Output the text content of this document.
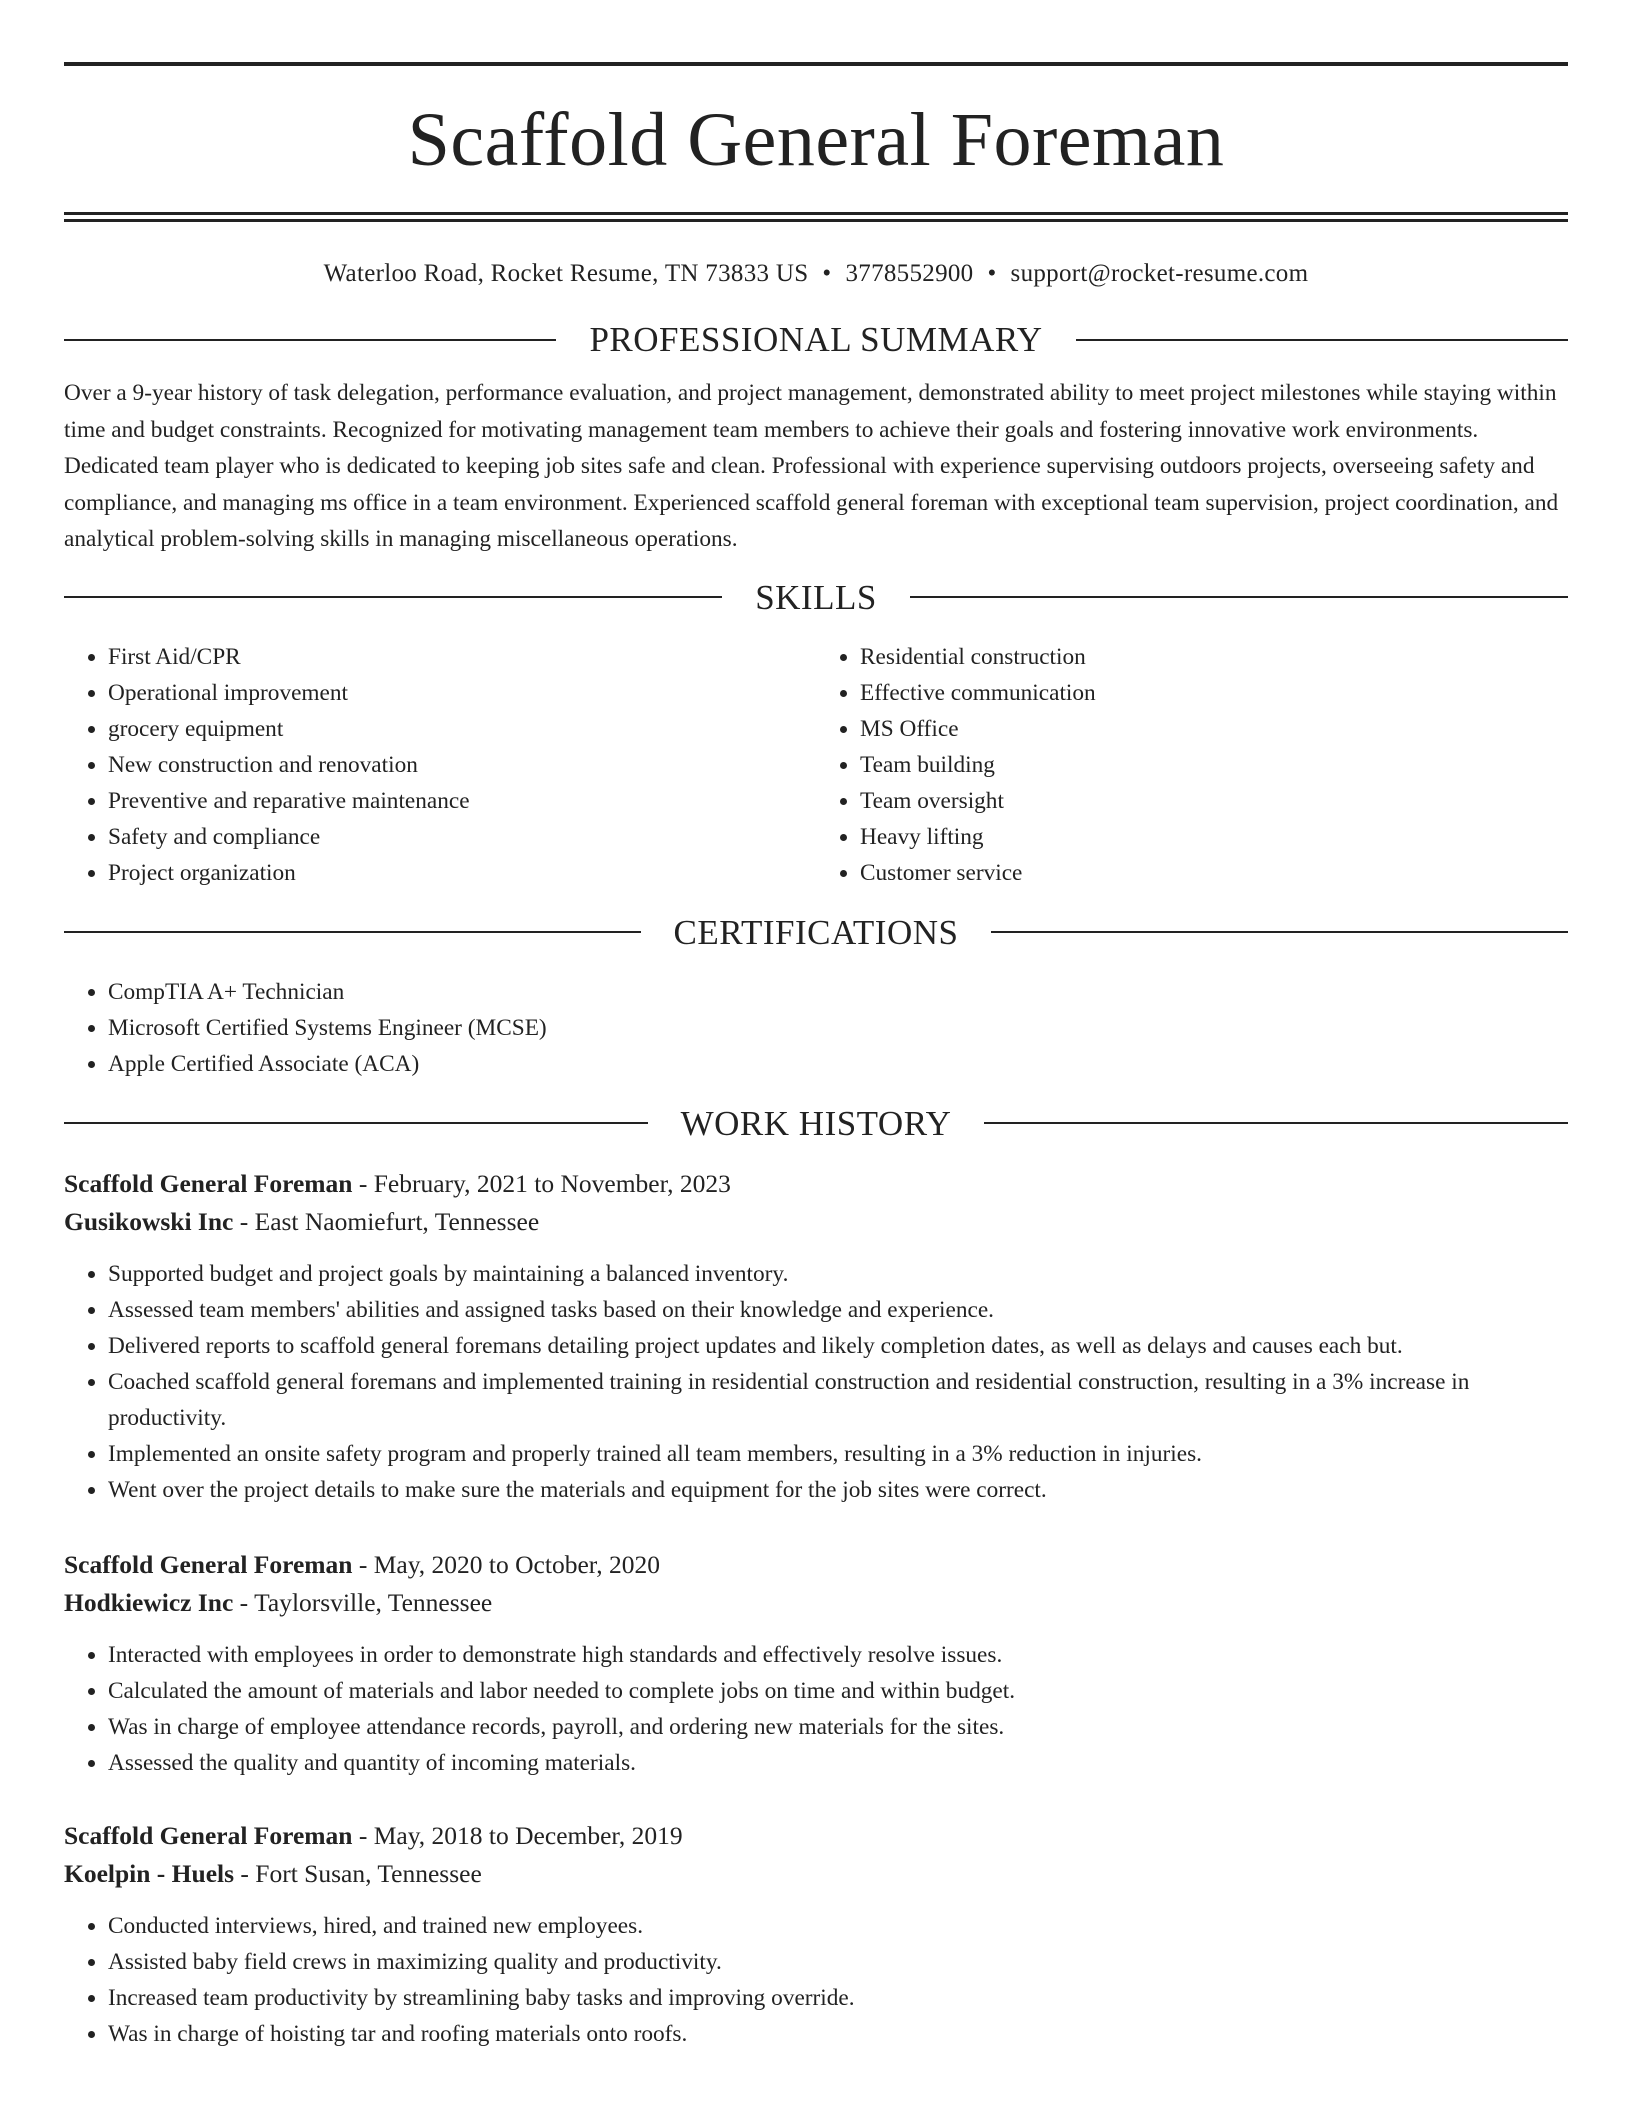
Scaffold General Foreman
Waterloo Road, Rocket Resume, TN 73833 US • 3778552900 • support@rocket-resume.com
PROFESSIONAL SUMMARY

Over a 9-year history of task delegation, performance evaluation, and project management, demonstrated ability to meet project milestones while staying within time and budget constraints. Recognized for motivating management team members to achieve their goals and fostering innovative work environments. Dedicated team player who is dedicated to keeping job sites safe and clean. Professional with experience supervising outdoors projects, overseeing safety and compliance, and managing ms office in a team environment. Experienced scaffold general foreman with exceptional team supervision, project coordination, and analytical problem-solving skills in managing miscellaneous operations.

SKILLS
• First Aid/CPR
• Operational improvement
• grocery equipment
• New construction and renovation
• Preventive and reparative maintenance
• Safety and compliance
• Project organization
• Residential construction
• Effective communication
• MS Office
• Team building
• Team oversight
• Heavy lifting
• Customer service
CERTIFICATIONS
• CompTIA A+ Technician
• Microsoft Certified Systems Engineer (MCSE)
• Apple Certified Associate (ACA)
WORK HISTORY
Scaffold General Foreman - February, 2021 to November, 2023
Gusikowski Inc - East Naomiefurt, Tennessee
• Supported budget and project goals by maintaining a balanced inventory.
• Assessed team members' abilities and assigned tasks based on their knowledge and experience.
• Delivered reports to scaffold general foremans detailing project updates and likely completion dates, as well as delays and causes each but.
• Coached scaffold general foremans and implemented training in residential construction and residential construction, resulting in a 3% increase in productivity.
• Implemented an onsite safety program and properly trained all team members, resulting in a 3% reduction in injuries.
• Went over the project details to make sure the materials and equipment for the job sites were correct.
Scaffold General Foreman - May, 2020 to October, 2020
Hodkiewicz Inc - Taylorsville, Tennessee
• Interacted with employees in order to demonstrate high standards and effectively resolve issues.
• Calculated the amount of materials and labor needed to complete jobs on time and within budget.
• Was in charge of employee attendance records, payroll, and ordering new materials for the sites.
• Assessed the quality and quantity of incoming materials.
Scaffold General Foreman - May, 2018 to December, 2019
Koelpin - Huels - Fort Susan, Tennessee
• Conducted interviews, hired, and trained new employees.
• Assisted baby field crews in maximizing quality and productivity.
• Increased team productivity by streamlining baby tasks and improving override.
• Was in charge of hoisting tar and roofing materials onto roofs.
